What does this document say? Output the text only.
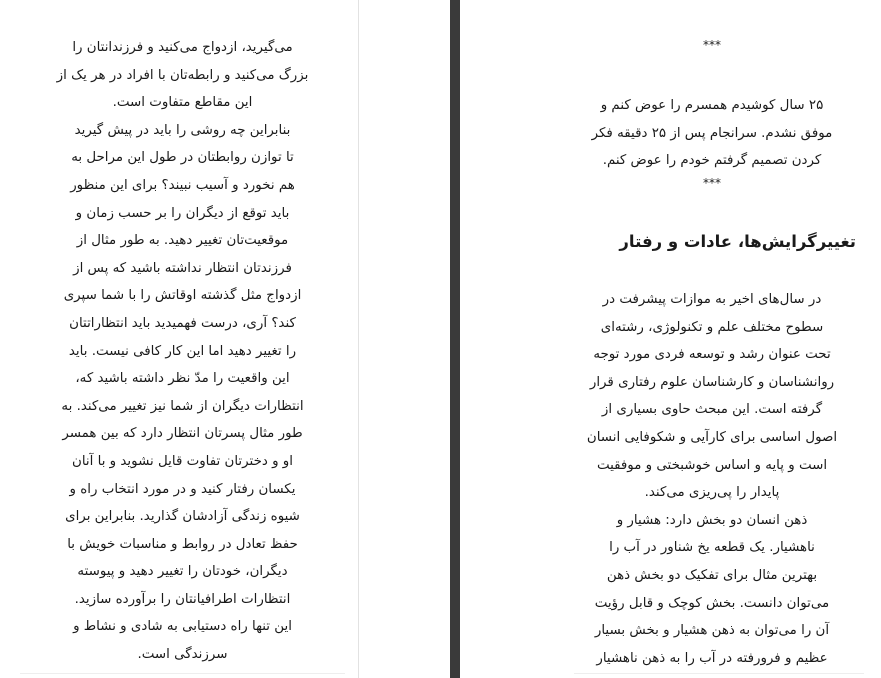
می‌گیرید، ازدواج می‌کنید و فرزندانتان را
بزرگ می‌کنید و رابطه‌تان با افراد در هر یک از
این مقاطع متفاوت است.
بنابراین چه روشی را باید در پیش گیرید
تا توازن روابطتان در طول این مراحل به
هم نخورد و آسیب نبیند؟ برای این منظور
باید توقع از دیگران را بر حسب زمان و
موقعیت‌تان تغییر دهید. به طور مثال از
فرزندتان انتظار نداشته باشید که پس از
ازدواج مثل گذشته اوقاتش را با شما سپری
کند؟ آری، درست فهمیدید باید انتظاراتتان
را تغییر دهید اما این کار کافی نیست. باید
این واقعیت را مدّ نظر داشته باشید که،
انتظارات دیگران از شما نیز تغییر می‌کند. به
طور مثال پسرتان انتظار دارد که بین همسر
او و دخترتان تفاوت قایل نشوید و با آنان
یکسان رفتار کنید و در مورد انتخاب راه و
شیوه زندگی آزادشان گذارید. بنابراین برای
حفظ تعادل در روابط و مناسبات خویش با
دیگران، خودتان را تغییر دهید و پیوسته
انتظارات اطرافیانتان را برآورده سازید.
این تنها راه دستیابی به شادی و نشاط و
سرزندگی است.
***
۲۵ سال کوشیدم همسرم را عوض کنم و
موفق نشدم. سرانجام پس از ۲۵ دقیقه فکر
کردن تصمیم گرفتم خودم را عوض کنم.
***
تغییرگرایش‌ها، عادات و رفتار
در سال‌های اخیر به موازات پیشرفت در
سطوح مختلف علم و تکنولوژی، رشته‌ای
تحت عنوان رشد و توسعه فردی مورد توجه
روانشناسان و کارشناسان علوم رفتاری قرار
گرفته است. این مبحث حاوی بسیاری از
اصول اساسی برای کارآیی و شکوفایی انسان
است و پایه و اساس خوشبختی و موفقیت
پایدار را پی‌ریزی می‌کند.
ذهن انسان دو بخش دارد: هشیار و
ناهشیار. یک قطعه یخ شناور در آب را
بهترین مثال برای تفکیک دو بخش ذهن
می‌توان دانست. بخش کوچک و قابل رؤیت
آن را می‌توان به ذهن هشیار و بخش بسیار
عظیم و فرورفته در آب را به ذهن ناهشیار
